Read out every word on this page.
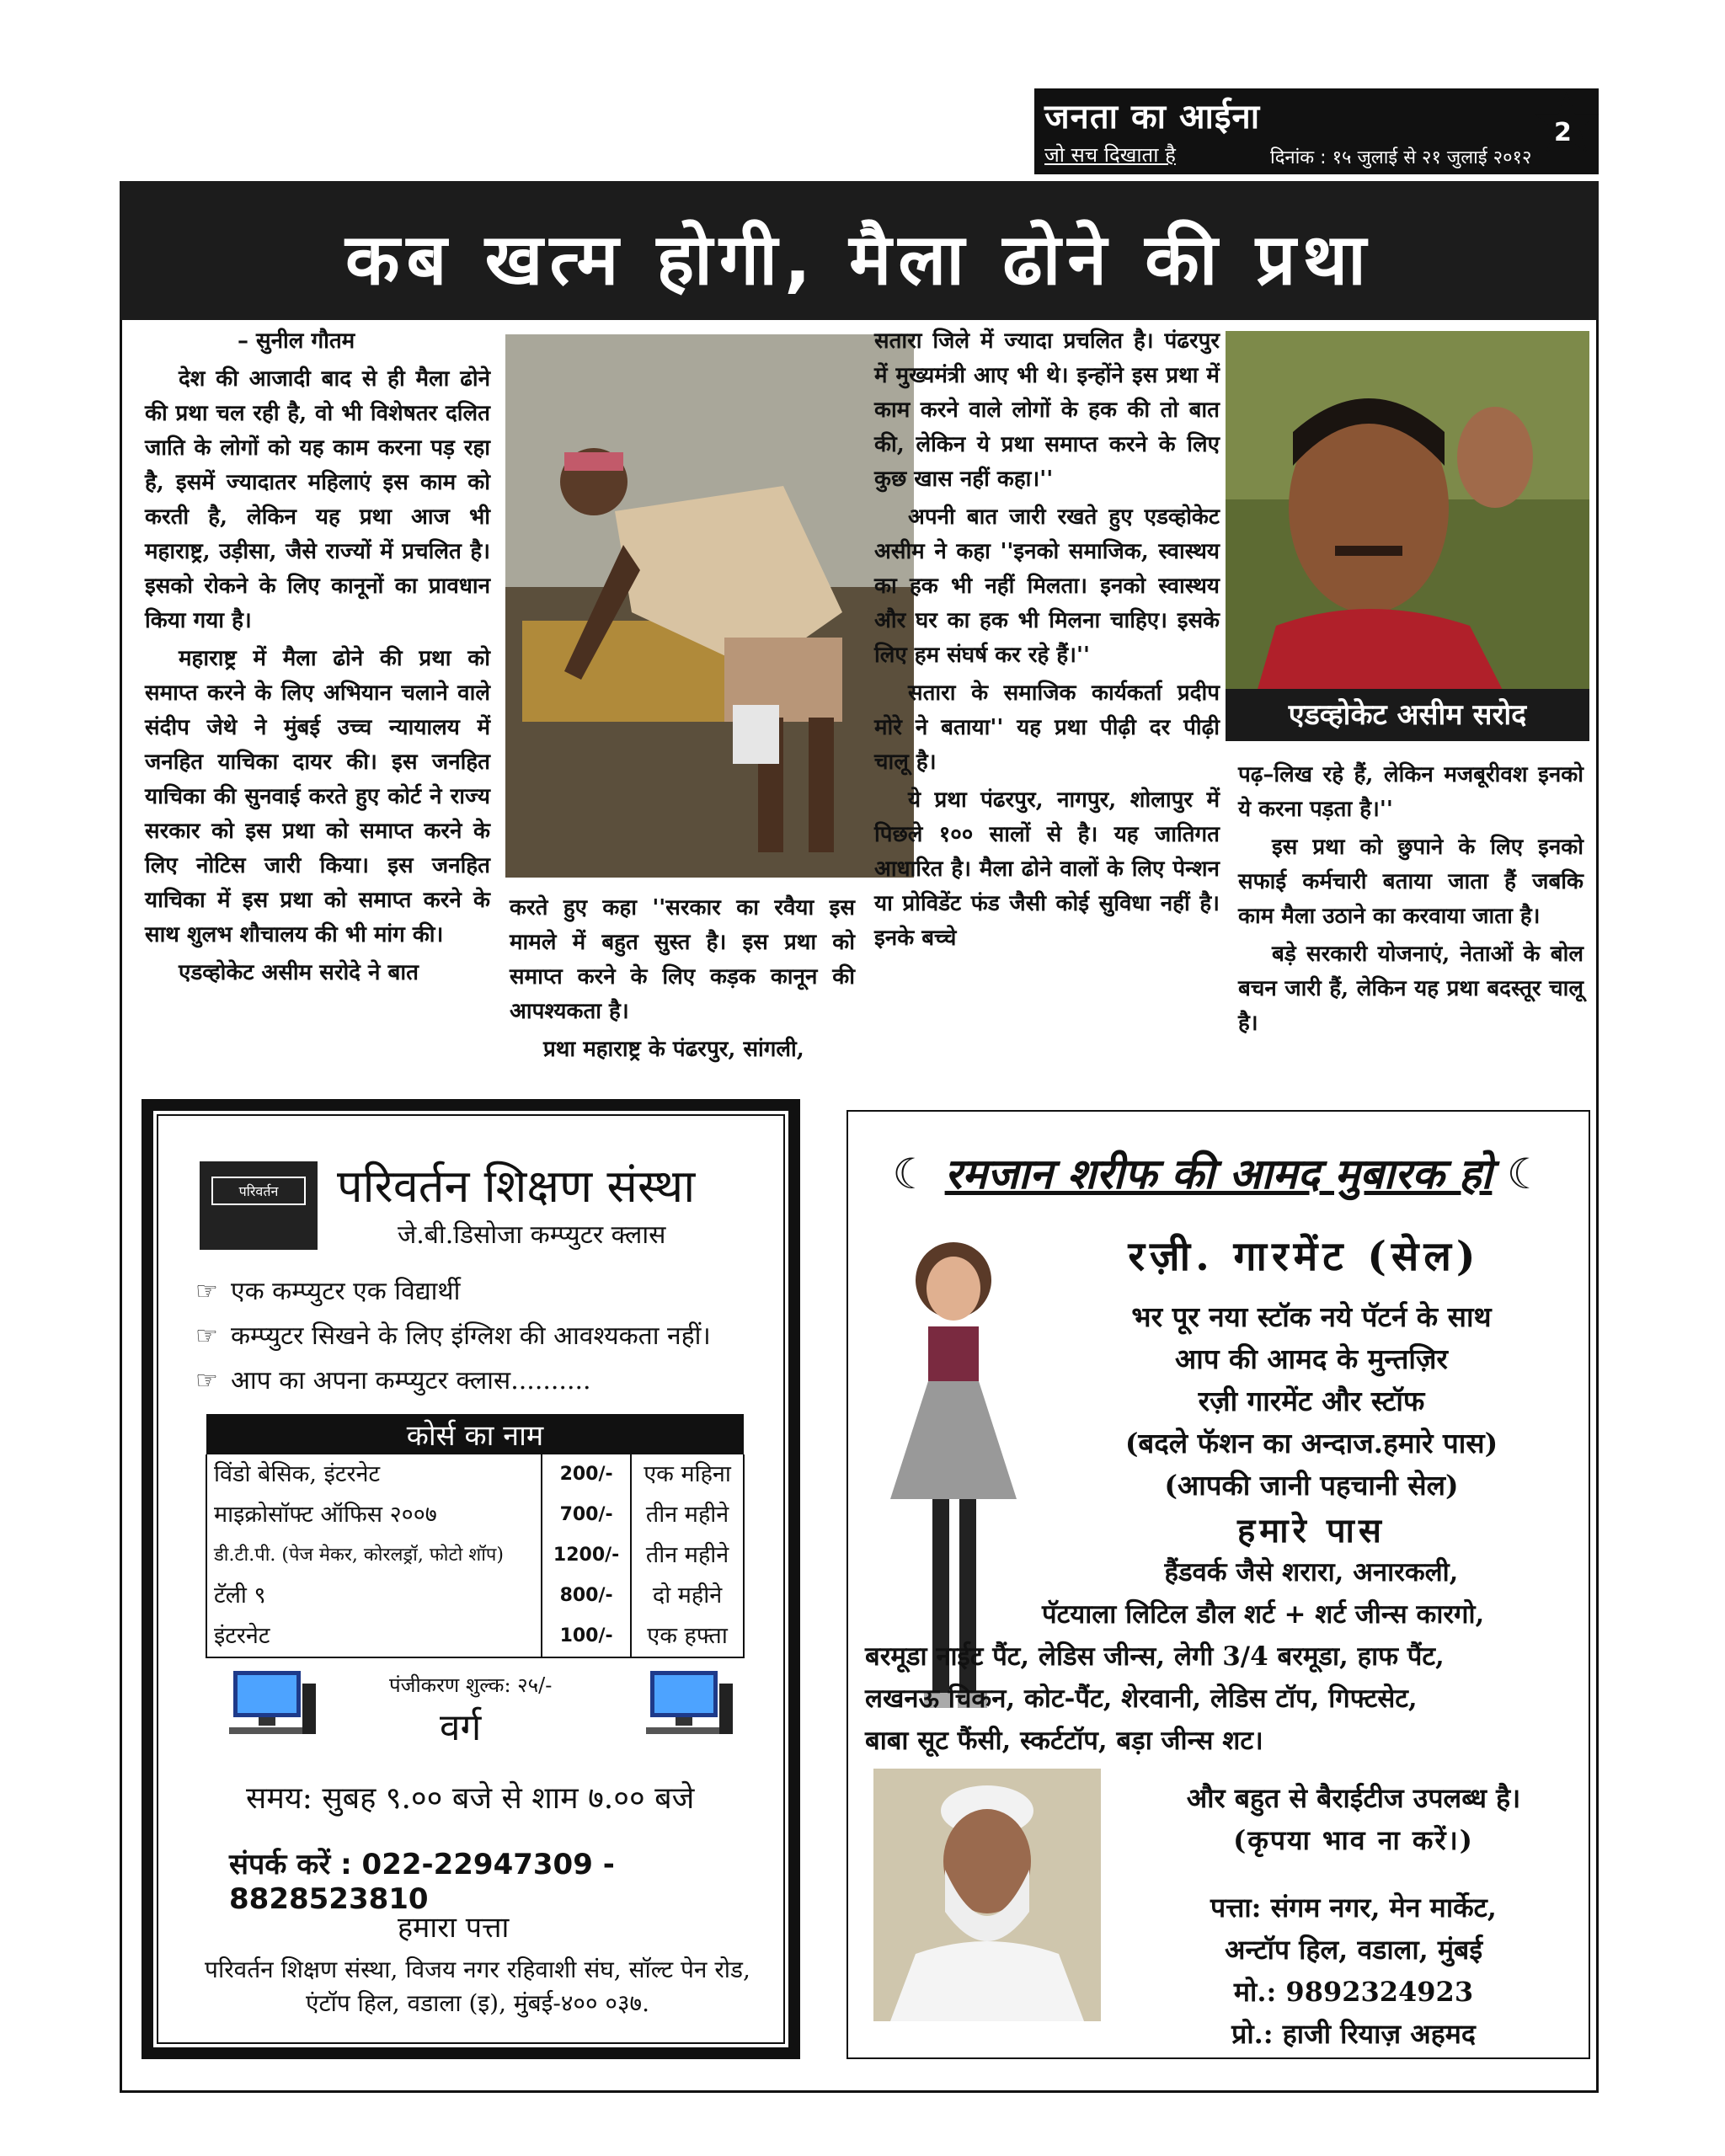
जनता का आईना
जो सच दिखाता है	दिनांक : १५ जुलाई से २१ जुलाई २०१२
2
कब खत्म होगी, मैला ढोने की प्रथा

– सुनील गौतम

देश की आजादी बाद से ही मैला ढोने की प्रथा चल रही है, वो भी विशेषतर दलित जाति के लोगों को यह काम करना पड़ रहा है, इसमें ज्यादातर महिलाएं इस काम को करती है, लेकिन यह प्रथा आज भी महाराष्ट्र, उड़ीसा, जैसे राज्यों में प्रचलित है। इसको रोकने के लिए कानूनों का प्रावधान किया गया है।

महाराष्ट्र में मैला ढोने की प्रथा को समाप्त करने के लिए अभियान चलाने वाले संदीप जेथे ने मुंबई उच्च न्यायालय में जनहित याचिका दायर की। इस जनहित याचिका की सुनवाई करते हुए कोर्ट ने राज्य सरकार को इस प्रथा को समाप्त करने के लिए नोटिस जारी किया। इस जनहित याचिका में इस प्रथा को समाप्त करने के साथ शुलभ शौचालय की भी मांग की।

एडव्होकेट असीम सरोदे ने बात

करते हुए कहा ''सरकार का रवैया इस मामले में बहुत सुस्त है। इस प्रथा को समाप्त करने के लिए कड़क कानून की आपश्यकता है।

प्रथा महाराष्ट्र के पंढरपुर, सांगली,

सतारा जिले में ज्यादा प्रचलित है। पंढरपुर में मुख्यमंत्री आए भी थे। इन्होंने इस प्रथा में काम करने वाले लोगों के हक की तो बात की, लेकिन ये प्रथा समाप्त करने के लिए कुछ खास नहीं कहा।''

अपनी बात जारी रखते हुए एडव्होकेट असीम ने कहा ''इनको समाजिक, स्वास्थय का हक भी नहीं मिलता। इनको स्वास्थय और घर का हक भी मिलना चाहिए। इसके लिए हम संघर्ष कर रहे हैं।''

सतारा के समाजिक कार्यकर्ता प्रदीप मोरे ने बताया'' यह प्रथा पीढ़ी दर पीढ़ी चालू है।

ये प्रथा पंढरपुर, नागपुर, शोलापुर में पिछले १०० सालों से है। यह जातिगत आधारित है। मैला ढोने वालों के लिए पेन्शन या प्रोविडेंट फंड जैसी कोई सुविधा नहीं है। इनके बच्चे

एडव्होकेट असीम सरोद

पढ़–लिख रहे हैं, लेकिन मजबूरीवश इनको ये करना पड़ता है।''

इस प्रथा को छुपाने के लिए इनको सफाई कर्मचारी बताया जाता हैं जबकि काम मैला उठाने का करवाया जाता है।

बड़े सरकारी योजनाएं, नेताओं के बोल बचन जारी हैं, लेकिन यह प्रथा बदस्तूर चालू है।

परिवर्तन	परिवर्तन शिक्षण संस्था
जे.बी.डिसोजा कम्प्युटर क्लास
☞ एक कम्प्युटर एक विद्यार्थी
☞ कम्प्युटर सिखने के लिए इंग्लिश की आवश्यकता नहीं।
☞ आप का अपना कम्प्युटर क्लास..........
कोर्स का नाम		
विंडो बेसिक, इंटरनेट	200/-	एक महिना
माइक्रोसॉफ्ट ऑफिस २००७	700/-	तीन महीने
डी.टी.पी. (पेज मेकर, कोरलड्रॉ, फोटो शॉप)	1200/-	तीन महीने
टॅली ९	800/-	दो महीने
इंटरनेट	100/-	एक हफ्ता
पंजीकरण शुल्क: २५/-
वर्ग
समय: सुबह ९.०० बजे से शाम ७.०० बजे
संपर्क करें : 022-22947309 - 8828523810
हमारा पत्ता
परिवर्तन शिक्षण संस्था, विजय नगर रहिवाशी संघ, सॉल्ट पेन रोड, एंटॉप हिल, वडाला (इ), मुंबई-४०० ०३७.
☾ रमजान शरीफ की आमद मुबारक हो ☾
रज़ी. गारमेंट (सेल)
भर पूर नया स्टॉक नये पॅटर्न के साथ
आप की आमद के मुन्तज़िर
रज़ी गारमेंट और स्टॉफ
(बदले फॅशन का अन्दाज.हमारे पास)
(आपकी जानी पहचानी सेल)
हमारे पास
हैंडवर्क जैसे शरारा, अनारकली,
पॅटयाला लिटिल डौल शर्ट + शर्ट जीन्स कारगो,
बरमूडा नाईट पैंट, लेडिस जीन्स, लेगी 3/4 बरमूडा, हाफ पैंट,
लखनऊ चिकन, कोट-पैंट, शेरवानी, लेडिस टॉप, गिफ्टसेट,
बाबा सूट फैंसी, स्कर्टटॉप, बड़ा जीन्स शट।
और बहुत से बैराईटीज उपलब्ध है।
(कृपया भाव ना करें।)
पत्ता: संगम नगर, मेन मार्केट,
अन्टॉप हिल, वडाला, मुंबई
मो.: 9892324923
प्रो.: हाजी रियाज़ अहमद
